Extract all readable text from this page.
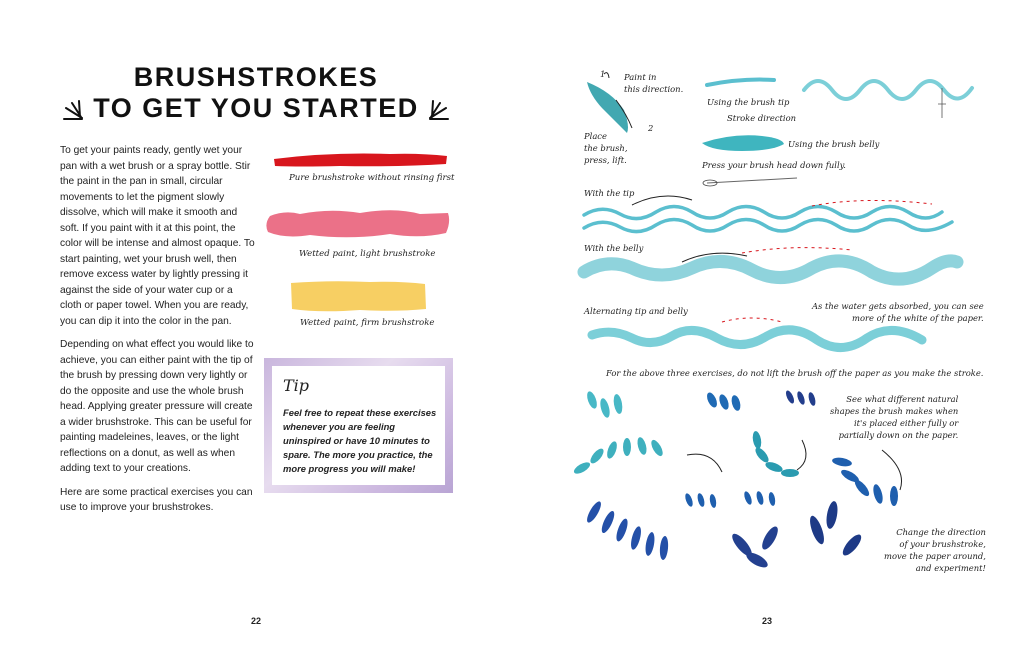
BRUSHSTROKES
TO GET YOU STARTED

To get your paints ready, gently wet your pan with a wet brush or a spray bottle. Stir the paint in the pan in small, circular movements to let the pigment slowly dissolve, which will make it smooth and soft. If you paint with it at this point, the color will be intense and almost opaque. To start painting, wet your brush well, then remove excess water by lightly pressing it against the side of your water cup or a cloth or paper towel. When you are ready, you can dip it into the color in the pan.

Depending on what effect you would like to achieve, you can either paint with the tip of the brush by pressing down very lightly or do the opposite and use the whole brush head. Applying greater pressure will create a wider brushstroke. This can be useful for painting madeleines, leaves, or the light reflections on a donut, as well as when adding text to your creations.

Here are some practical exercises you can use to improve your brushstrokes.

Pure brushstroke without rinsing first
Wetted paint, light brushstroke
Wetted paint, firm brushstroke
Tip
Feel free to repeat these exercises whenever you are feeling uninspired or have 10 minutes to spare. The more you practice, the more progress you will make!
22
Paint in
this direction.
Place
the brush,
press, lift.
Using the brush tip
Stroke direction
Using the brush belly
Press your brush head down fully.
With the tip
With the belly
Alternating tip and belly	As the water gets absorbed, you can see
more of the white of the paper.
For the above three exercises, do not lift the brush off the paper as you make the stroke.
See what different natural
shapes the brush makes when
it's placed either fully or
partially down on the paper.
Change the direction
of your brushstroke,
move the paper around,
and experiment!
1
2
23
